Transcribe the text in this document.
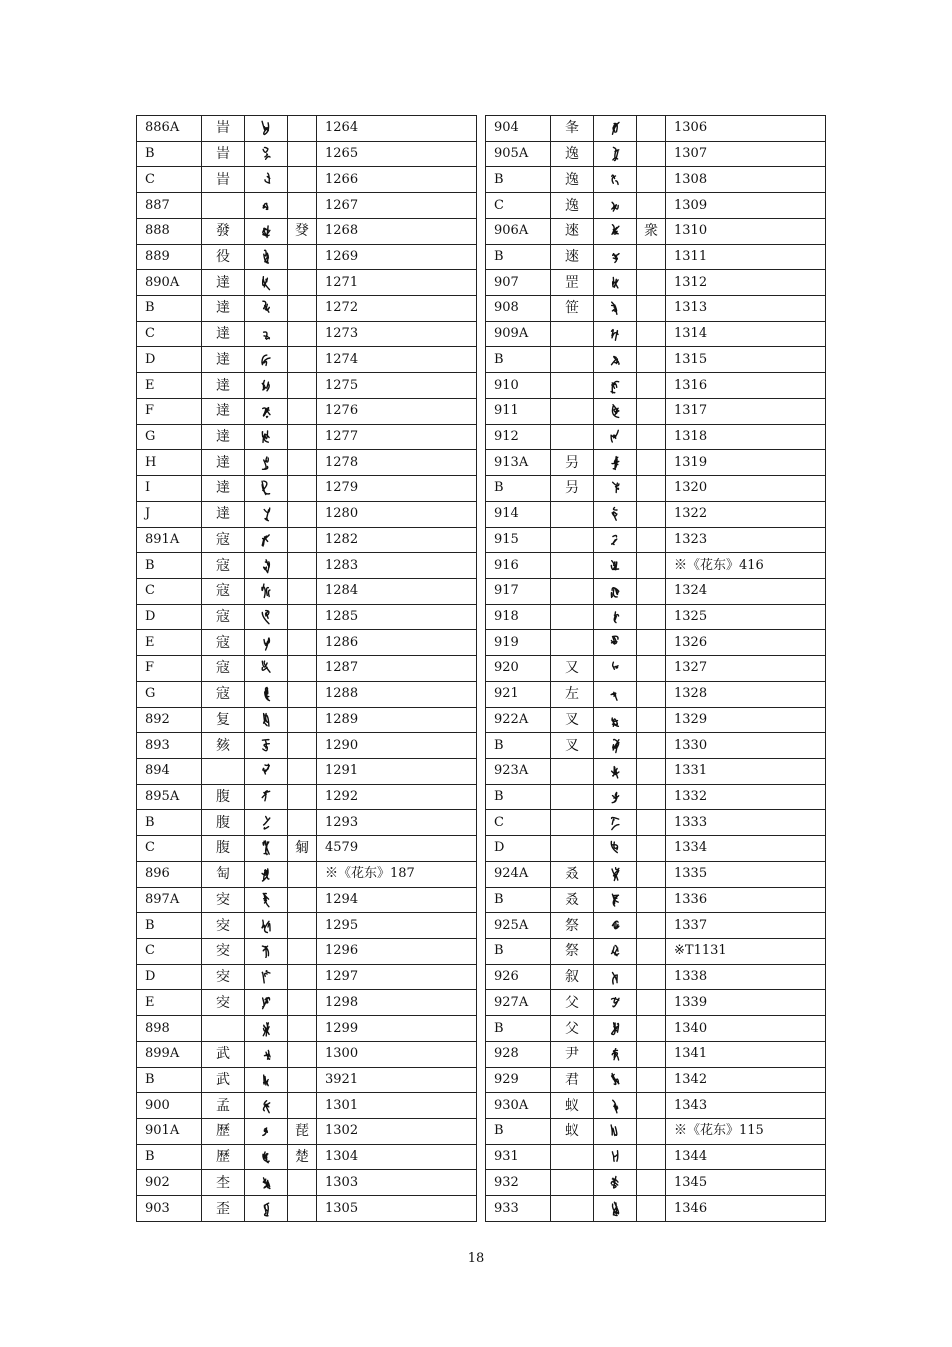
886A	旹			1264
B	旹			1265
C	旹			1266
887				1267
888	發		癹	1268
889	役			1269
890A	達			1271
B	達			1272
C	達			1273
D	達			1274
E	達			1275
F	達			1276
G	達			1277
H	達			1278
I	達			1279
J	達			1280
891A	寇			1282
B	寇			1283
C	寇			1284
D	寇			1285
E	寇			1286
F	寇			1287
G	寇			1288
892	复			1289
893	㚊			1290
894				1291
895A	腹			1292
B	腹			1293
C	腹		匔	4579
896	匋			※《花东》187
897A	㝔			1294
B	㝔			1295
C	㝔			1296
D	㝔			1297
E	㝔			1298
898				1299
899A	武			1300
B	武			3921
900	孟			1301
901A	歷		琵	1302
B	歷		楚	1304
902	杢			1303
903	歪			1305
904	夆			1306
905A	逸			1307
B	逸			1308
C	逸			1309
906A	逨		衆	1310
B	逨			1311
907	罡			1312
908	笹			1313
909A				1314
B				1315
910				1316
911				1317
912				1318
913A	叧			1319
B	叧			1320
914				1322
915				1323
916				※《花东》416
917				1324
918				1325
919				1326
920	又			1327
921	左			1328
922A	叉			1329
B	叉			1330
923A				1331
B				1332
C				1333
D				1334
924A	叒			1335
B	叒			1336
925A	祭			1337
B	祭			※T1131
926	叙			1338
927A	父			1339
B	父			1340
928	尹			1341
929	君			1342
930A	蚁			1343
B	蚁			※《花东》115
931				1344
932				1345
933				1346
18
